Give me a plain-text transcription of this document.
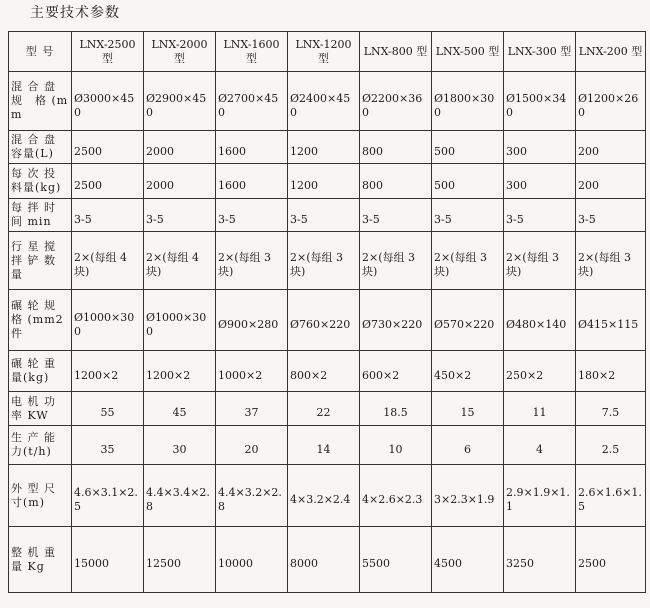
主要技术参数
型 号	LNX-2500 型	LNX-2000 型	LNX-1600 型	LNX-1200 型	LNX-800 型	LNX-500 型	LNX-300 型	LNX-200 型
混 合 盘 规　格 (mm	Ø3000×450	Ø2900×450	Ø2700×450	Ø2400×450	Ø2200×360	Ø1800×300	Ø1500×340	Ø1200×260
混 合 盘 容量(L)	2500	2000	1600	1200	800	500	300	200
每 次 投 料量(kg)	2500	2000	1600	1200	800	500	300	200
每 拌 时 间 min	3-5	3-5	3-5	3-5	3-5	3-5	3-5	3-5
行 星 搅 拌 铲 数 量	2×(每组 4 块)	2×(每组 4 块)	2×(每组 3 块)	2×(每组 3 块)	2×(每组 3 块)	2×(每组 3 块)	2×(每组 3 块)	2×(每组 3 块)
碾 轮 规 格 (mm2 件	Ø1000×300	Ø1000×300	Ø900×280	Ø760×220	Ø730×220	Ø570×220	Ø480×140	Ø415×115
碾 轮 重 量(kg)	1200×2	1200×2	1000×2	800×2	600×2	450×2	250×2	180×2
电 机 功 率 KW	55	45	37	22	18.5	15	11	7.5
生 产 能 力(t/h)	35	30	20	14	10	6	4	2.5
外 型 尺 寸(m)	4.6×3.1×2.5	4.4×3.4×2.8	4.4×3.2×2.8	4×3.2×2.4	4×2.6×2.3	3×2.3×1.9	2.9×1.9×1. 1	2.6×1.6×1. 5
整 机 重 量 Kg	15000	12500	10000	8000	5500	4500	3250	2500
